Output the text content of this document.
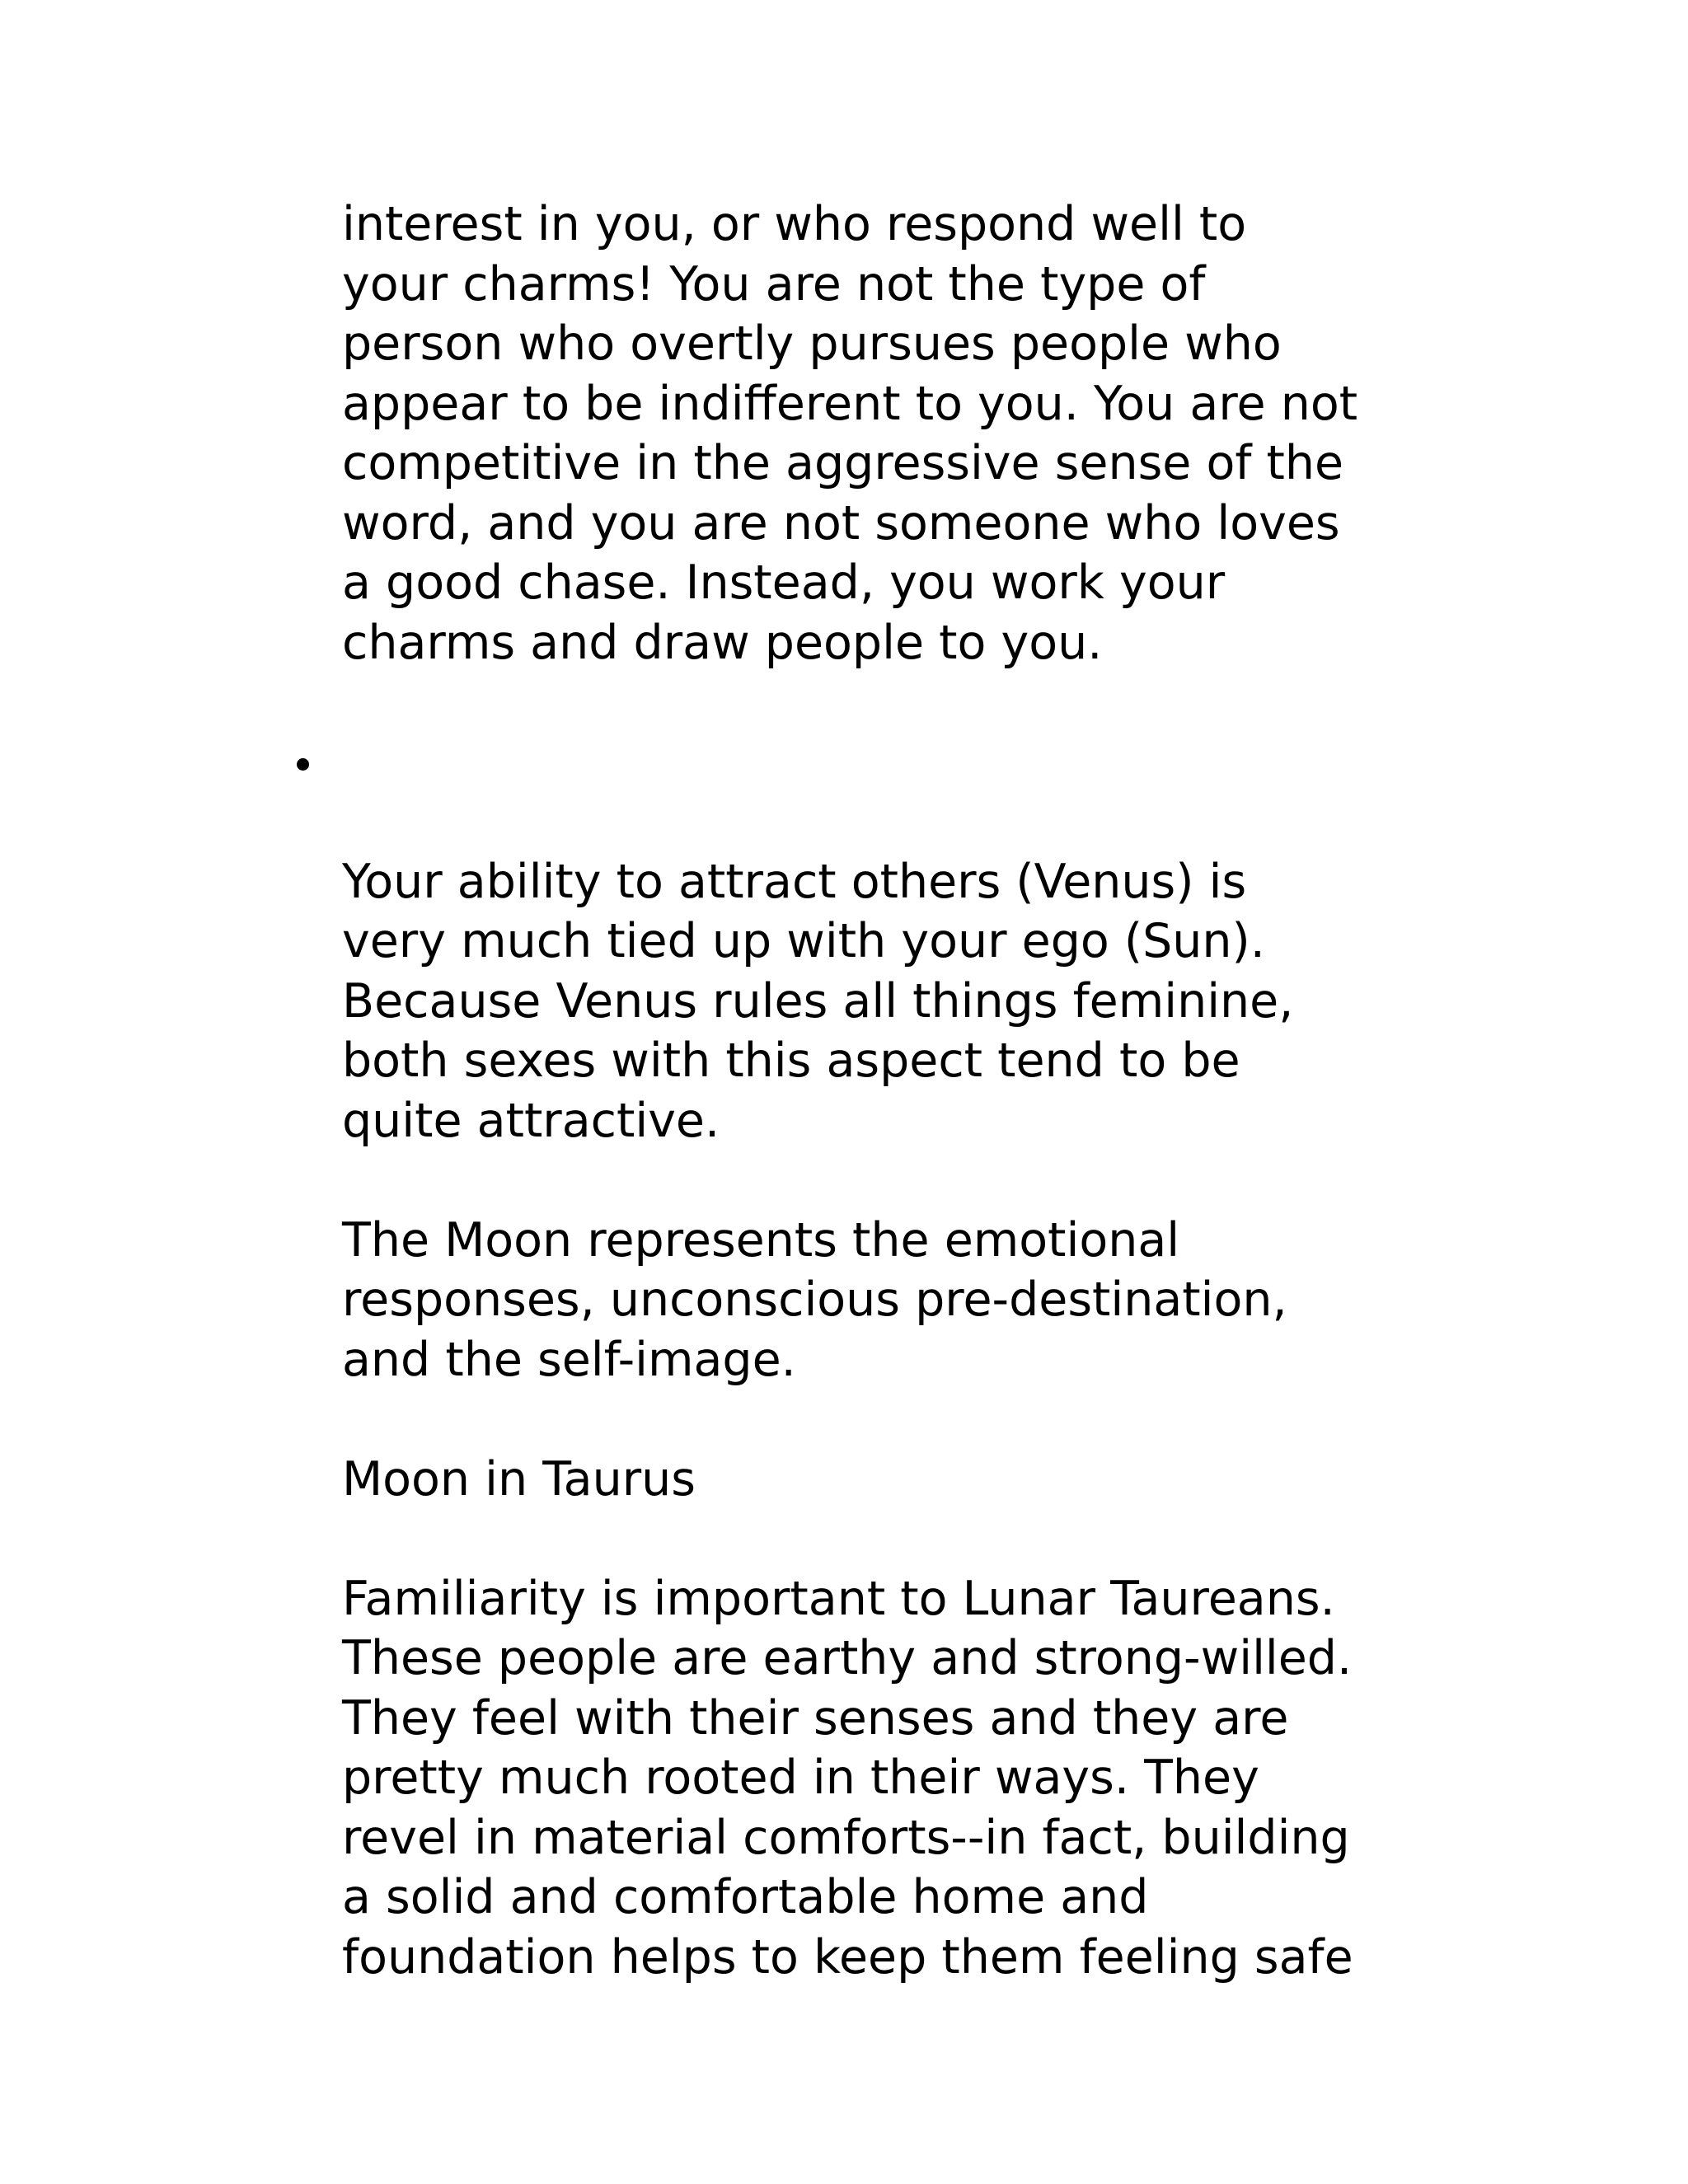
interest in you, or who respond well to
your charms! You are not the type of
person who overtly pursues people who
appear to be indifferent to you. You are not
competitive in the aggressive sense of the
word, and you are not someone who loves
a good chase. Instead, you work your
charms and draw people to you.

Your ability to attract others (Venus) is
very much tied up with your ego (Sun).
Because Venus rules all things feminine,
both sexes with this aspect tend to be
quite attractive.

The Moon represents the emotional
responses, unconscious pre-destination,
and the self-image.

Moon in Taurus

Familiarity is important to Lunar Taureans.
These people are earthy and strong-willed.
They feel with their senses and they are
pretty much rooted in their ways. They
revel in material comforts--in fact, building
a solid and comfortable home and
foundation helps to keep them feeling safe
